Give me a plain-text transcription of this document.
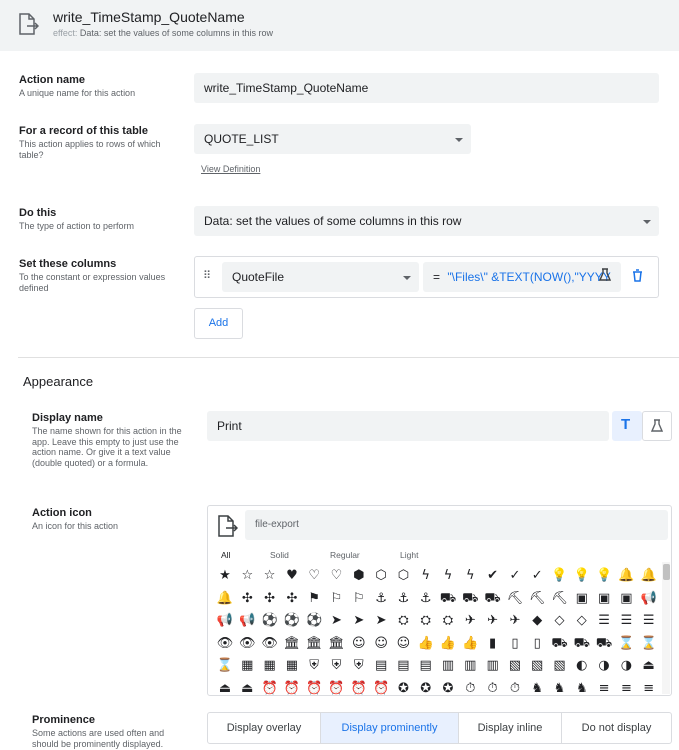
write_TimeStamp_QuoteName
effect: Data: set the values of some columns in this row
Action name
A unique name for this action	write_TimeStamp_QuoteName
For a record of this table
This action applies to rows of which table?
QUOTE_LIST
View Definition
Do this
The type of action to perform	Data: set the values of some columns in this row
Set these columns
To the constant or expression values defined
⠿	QuoteFile	= "\Files\" &TEXT(NOW(),"YYYY
Add
Appearance
Display name
The name shown for this action in the app. Leave this empty to just use the action name. Or give it a text value (double quoted) or a formula.
Print	T
Action icon
An icon for this action	file-export
All	Solid	Regular	Light
★ ☆ ☆ ♥ ♡ ♡ ⬢ ⬡ ⬡ ϟ	ϟ	ϟ ✔ ✓ ✓ 💡 💡 💡 🔔 🔔
🔔 ✣ ✣ ✣ ⚑ ⚐ ⚐ ⚓ ⚓ ⚓ ⛟ ⛟ ⛟ ⛏ ⛏ ⛏ ▣ ▣ ▣ 📢
📢 📢 ⚽ ⚽ ⚽ ➤ ➤ ➤ ⛭ ⛭ ⛭ ✈ ✈ ✈ ◆ ◇ ◇ ☰ ☰ ☰
👁 👁 👁 🏛 🏛 🏛 ☺ ☺ ☺ 👍 👍 👍 ▮	▯	▯ ⛟ ⛟ ⛟ ⌛ ⌛
⌛ ▦ ▦ ▦ ⛨ ⛨ ⛨ ▤ ▤ ▤ ▥ ▥ ▥ ▧ ▧ ▧ ◐ ◑ ◑ ⏏
⏏ ⏏ ⏰ ⏰ ⏰ ⏰ ⏰ ⏰ ✪ ✪ ✪ ⏱ ⏱ ⏱ ♞ ♞ ♞ ≡ ≡ ≡
Prominence
Some actions are used often and should be prominently displayed.
Display overlay	Display prominently	Display inline	Do not display
